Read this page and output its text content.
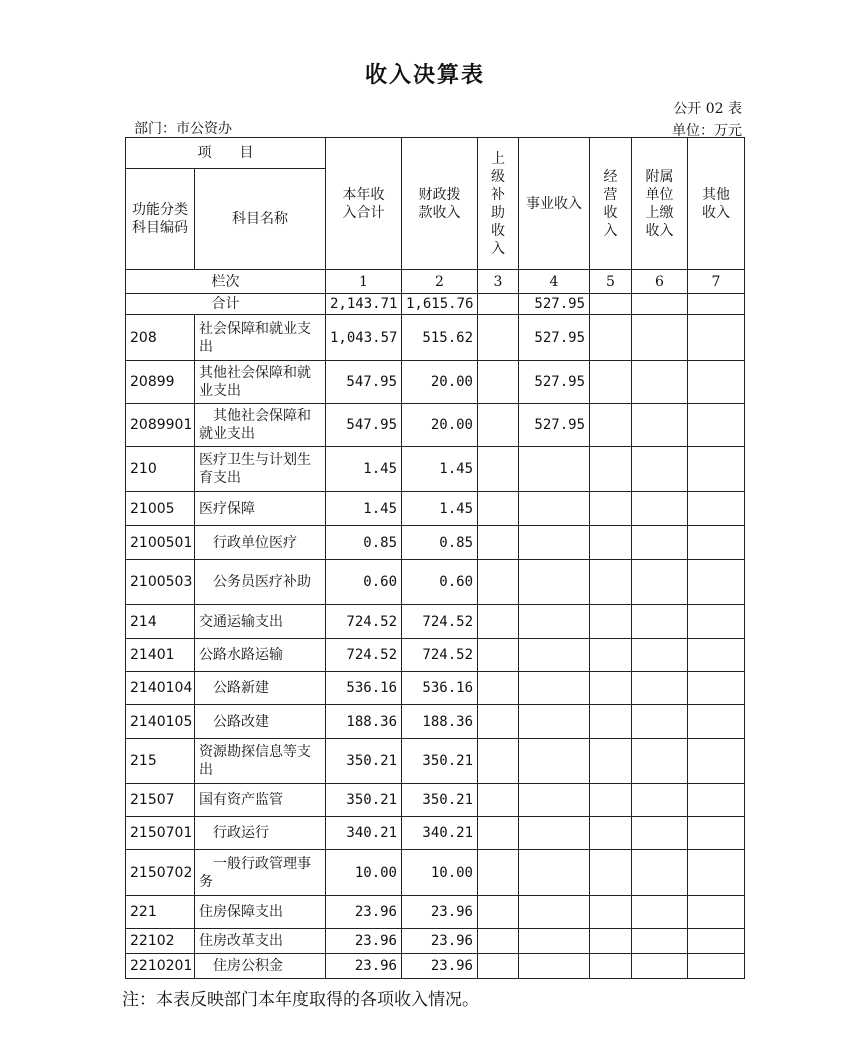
收入决算表
公开 02 表
部门：市公资办	单位：万元
项　　目		本年收入合计	财政拨款收入	上级补助收入	事业收入	经营收入	附属单位上缴收入	其他收入
功能分类科目编码	科目名称							
栏次		1	2	3	4	5	6	7
合计		2,143.71	1,615.76		527.95			
208	社会保障和就业支出	1,043.57	515.62		527.95			
20899	其他社会保障和就业支出	547.95	20.00		527.95			
2089901	其他社会保障和就业支出	547.95	20.00		527.95			
210	医疗卫生与计划生育支出	1.45	1.45					
21005	医疗保障	1.45	1.45					
2100501	行政单位医疗	0.85	0.85					
2100503	公务员医疗补助	0.60	0.60					
214	交通运输支出	724.52	724.52					
21401	公路水路运输	724.52	724.52					
2140104	公路新建	536.16	536.16					
2140105	公路改建	188.36	188.36					
215	资源勘探信息等支出	350.21	350.21					
21507	国有资产监管	350.21	350.21					
2150701	行政运行	340.21	340.21					
2150702	一般行政管理事务	10.00	10.00					
221	住房保障支出	23.96	23.96					
22102	住房改革支出	23.96	23.96					
2210201	住房公积金	23.96	23.96					
注：本表反映部门本年度取得的各项收入情况。
